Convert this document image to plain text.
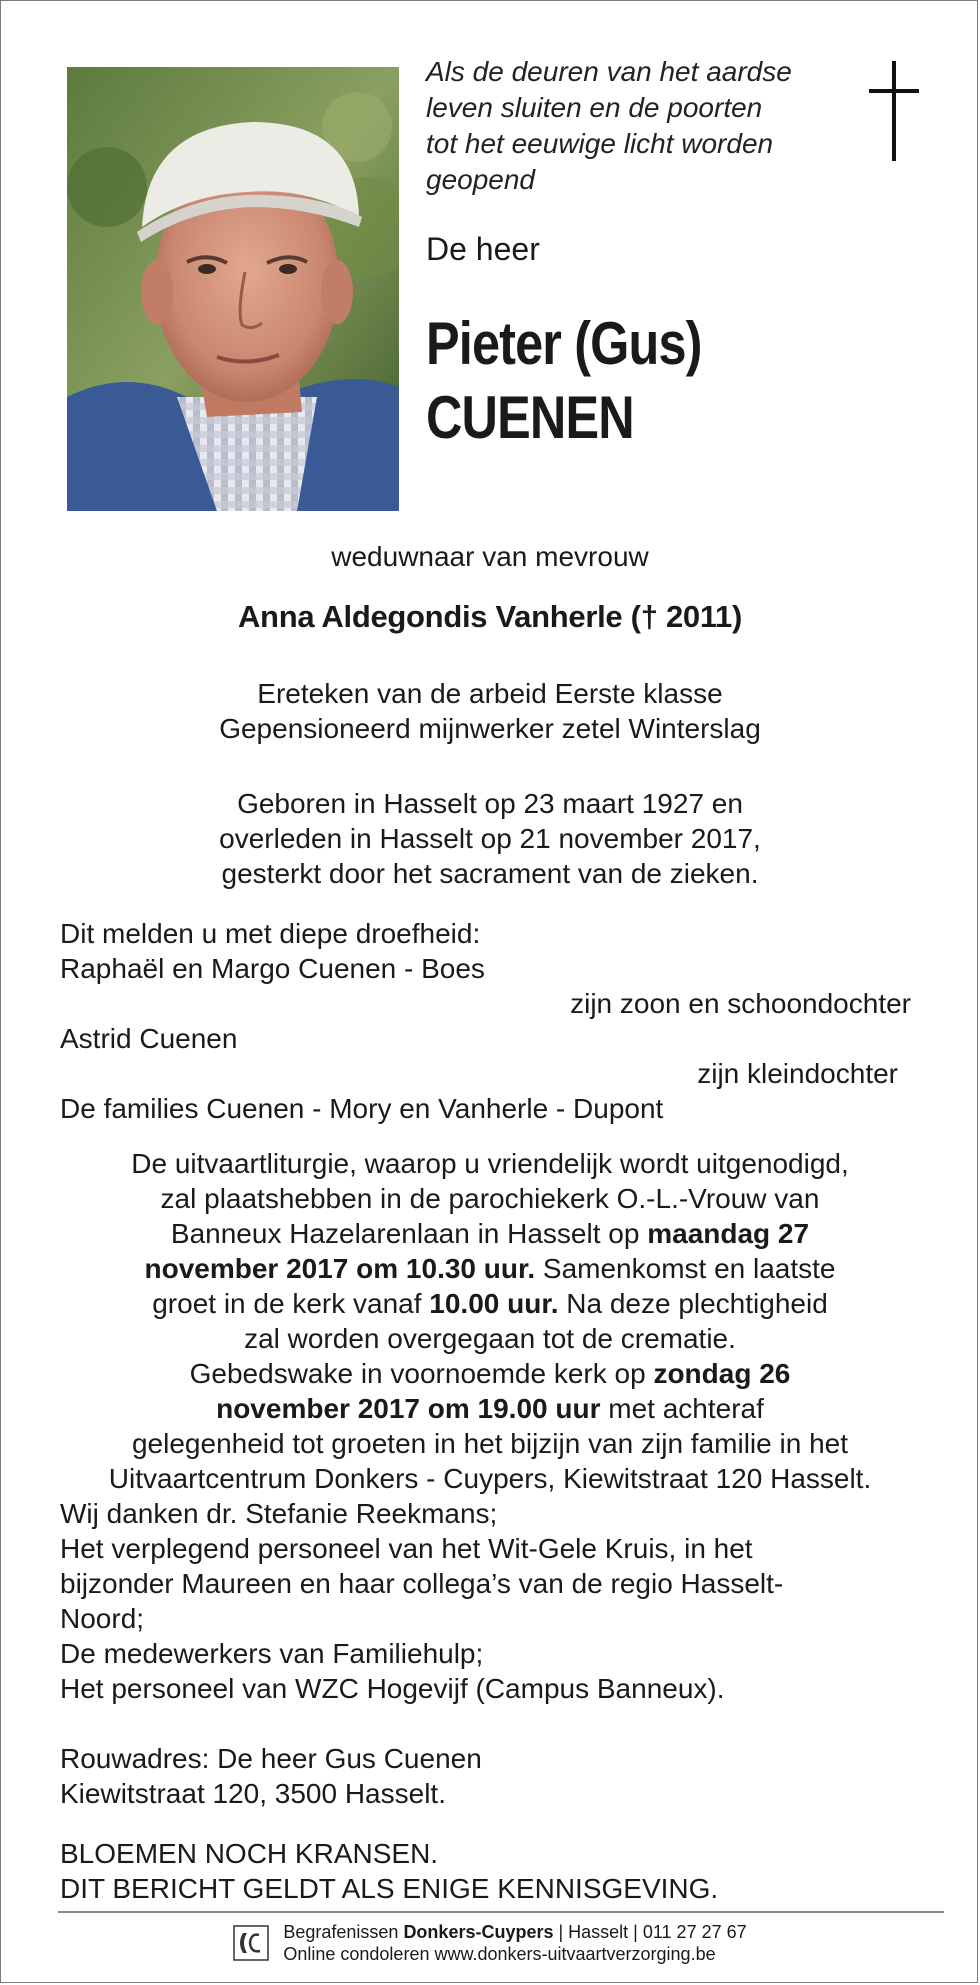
Als de deuren van het aardse
leven sluiten en de poorten
tot het eeuwige licht worden
geopend
De heer
Pieter (Gus)
CUENEN
weduwnaar van mevrouw
Anna Aldegondis Vanherle († 2011)
Ereteken van de arbeid Eerste klasse
Gepensioneerd mijnwerker zetel Winterslag
Geboren in Hasselt op 23 maart 1927 en
overleden in Hasselt op 21 november 2017,
gesterkt door het sacrament van de zieken.
Dit melden u met diepe droefheid:
Raphaël en Margo Cuenen - Boes
zijn zoon en schoondochter
Astrid Cuenen
zijn kleindochter
De families Cuenen - Mory en Vanherle - Dupont
De uitvaartliturgie, waarop u vriendelijk wordt uitgenodigd,
zal plaatshebben in de parochiekerk O.-L.-Vrouw van
Banneux Hazelarenlaan in Hasselt op maandag 27
november 2017 om 10.30 uur. Samenkomst en laatste
groet in de kerk vanaf 10.00 uur. Na deze plechtigheid
zal worden overgegaan tot de crematie.
Gebedswake in voornoemde kerk op zondag 26
november 2017 om 19.00 uur met achteraf
gelegenheid tot groeten in het bijzijn van zijn familie in het
Uitvaartcentrum Donkers - Cuypers, Kiewitstraat 120 Hasselt.
Wij danken dr. Stefanie Reekmans;
Het verplegend personeel van het Wit-Gele Kruis, in het
bijzonder Maureen en haar collega’s van de regio Hasselt-
Noord;
De medewerkers van Familiehulp;
Het personeel van WZC Hogevijf (Campus Banneux).
Rouwadres: De heer Gus Cuenen
Kiewitstraat 120, 3500 Hasselt.
BLOEMEN NOCH KRANSEN.
DIT BERICHT GELDT ALS ENIGE KENNISGEVING.
Begrafenissen Donkers-Cuypers | Hasselt | 011 27 27 67
Online condoleren www.donkers-uitvaartverzorging.be
